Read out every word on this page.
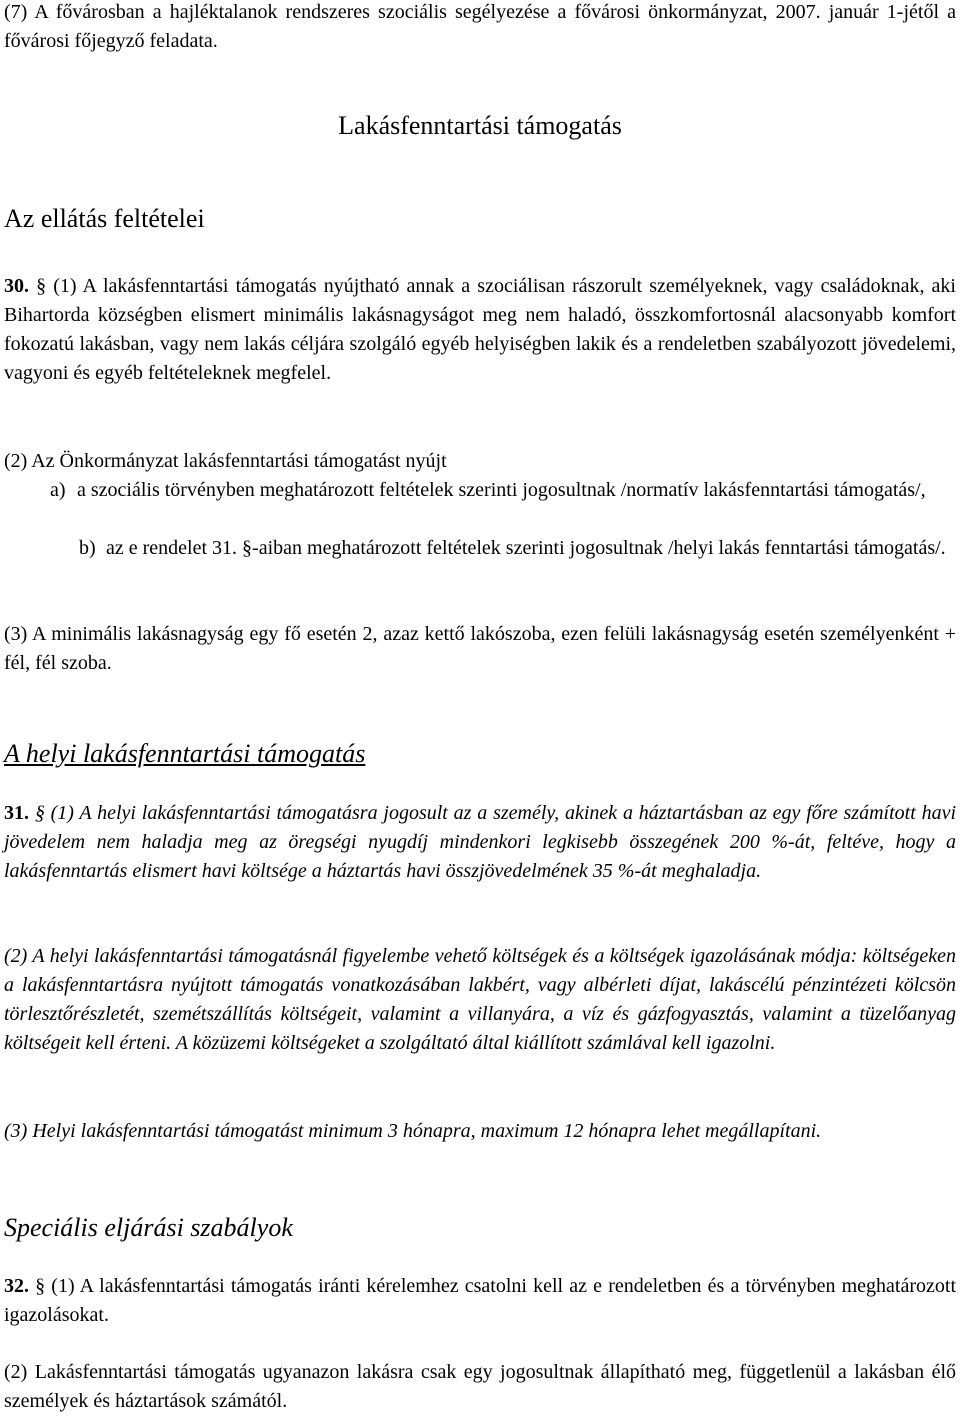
(7) A fővárosban a hajléktalanok rendszeres szociális segélyezése a fővárosi önkormányzat, 2007. január 1-jétől a fővárosi főjegyző feladata.

Lakásfenntartási támogatás
Az ellátás feltételei

30. § (1) A lakásfenntartási támogatás nyújtható annak a szociálisan rászorult személyeknek, vagy családoknak, aki Bihartorda községben elismert minimális lakásnagyságot meg nem haladó, összkomfortosnál alacsonyabb komfort fokozatú lakásban, vagy nem lakás céljára szolgáló egyéb helyiségben lakik és a rendeletben szabályozott jövedelemi, vagyoni és egyéb feltételeknek megfelel.

(2) Az Önkormányzat lakásfenntartási támogatást nyújt

a) a szociális törvényben meghatározott feltételek szerinti jogosultnak /normatív lakásfenntartási támogatás/,
b) az e rendelet 31. §-aiban meghatározott feltételek szerinti jogosultnak /helyi lakás fenntartási támogatás/.

(3) A minimális lakásnagyság egy fő esetén 2, azaz kettő lakószoba, ezen felüli lakásnagyság esetén személyenként + fél, fél szoba.

A helyi lakásfenntartási támogatás

31. § (1) A helyi lakásfenntartási támogatásra jogosult az a személy, akinek a háztartásban az egy főre számított havi jövedelem nem haladja meg az öregségi nyugdíj mindenkori legkisebb összegének 200 %-át, feltéve, hogy a lakásfenntartás elismert havi költsége a háztartás havi összjövedelmének 35 %-át meghaladja.

(2) A helyi lakásfenntartási támogatásnál figyelembe vehető költségek és a költségek igazolásának módja: költségeken a lakásfenntartásra nyújtott támogatás vonatkozásában lakbért, vagy albérleti díjat, lakáscélú pénzintézeti kölcsön törlesztőrészletét, szemétszállítás költségeit, valamint a villanyára, a víz és gázfogyasztás, valamint a tüzelőanyag költségeit kell érteni. A közüzemi költségeket a szolgáltató által kiállított számlával kell igazolni.

(3) Helyi lakásfenntartási támogatást minimum 3 hónapra, maximum 12 hónapra lehet megállapítani.

Speciális eljárási szabályok

32. § (1) A lakásfenntartási támogatás iránti kérelemhez csatolni kell az e rendeletben és a törvényben meghatározott igazolásokat.

(2) Lakásfenntartási támogatás ugyanazon lakásra csak egy jogosultnak állapítható meg, függetlenül a lakásban élő személyek és háztartások számától.
